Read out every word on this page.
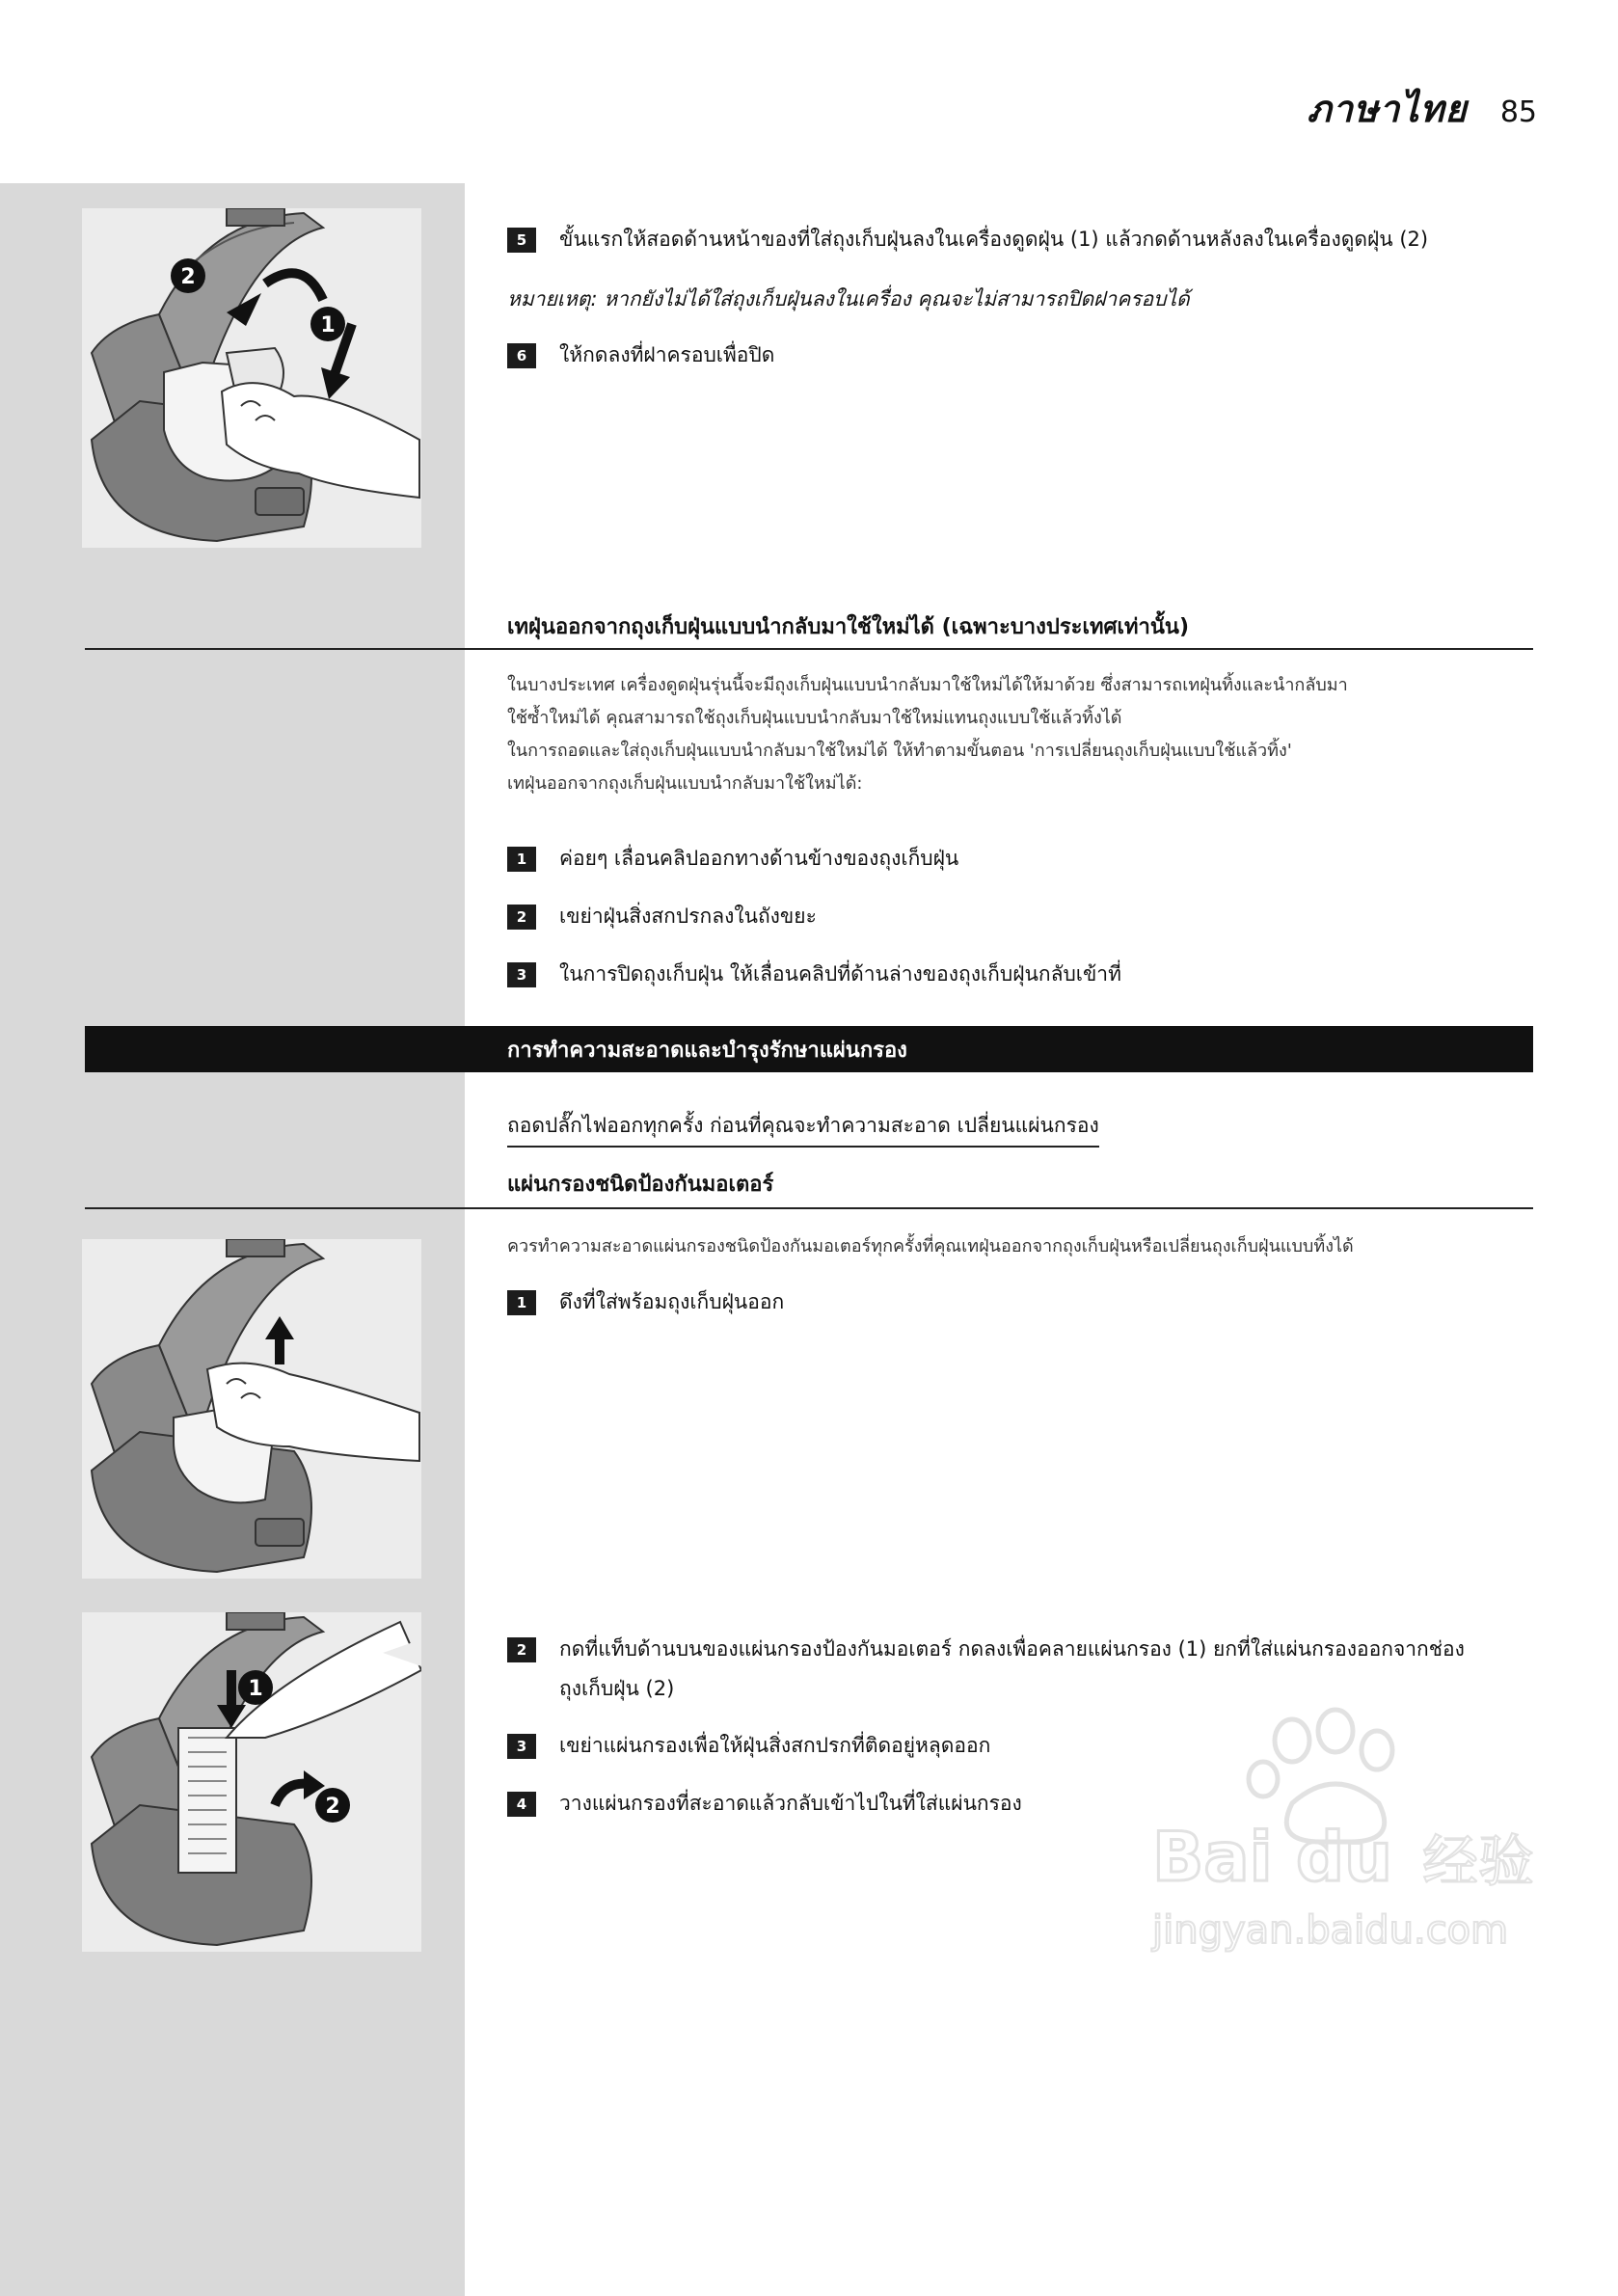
ภาษาไทย 85
2
1
5	ขั้นแรกให้สอดด้านหน้าของที่ใส่ถุงเก็บฝุ่นลงในเครื่องดูดฝุ่น (1) แล้วกดด้านหลังลงในเครื่องดูดฝุ่น (2)
หมายเหตุ: หากยังไม่ได้ใส่ถุงเก็บฝุ่นลงในเครื่อง คุณจะไม่สามารถปิดฝาครอบได้
6	ให้กดลงที่ฝาครอบเพื่อปิด
เทฝุ่นออกจากถุงเก็บฝุ่นแบบนำกลับมาใช้ใหม่ได้ (เฉพาะบางประเทศเท่านั้น)
ในบางประเทศ เครื่องดูดฝุ่นรุ่นนี้จะมีถุงเก็บฝุ่นแบบนำกลับมาใช้ใหม่ได้ให้มาด้วย ซึ่งสามารถเทฝุ่นทิ้งและนำกลับมา
ใช้ซ้ำใหม่ได้ คุณสามารถใช้ถุงเก็บฝุ่นแบบนำกลับมาใช้ใหม่แทนถุงแบบใช้แล้วทิ้งได้
ในการถอดและใส่ถุงเก็บฝุ่นแบบนำกลับมาใช้ใหม่ได้ ให้ทำตามขั้นตอน 'การเปลี่ยนถุงเก็บฝุ่นแบบใช้แล้วทิ้ง'
เทฝุ่นออกจากถุงเก็บฝุ่นแบบนำกลับมาใช้ใหม่ได้:
1	ค่อยๆ เลื่อนคลิปออกทางด้านข้างของถุงเก็บฝุ่น
2	เขย่าฝุ่นสิ่งสกปรกลงในถังขยะ
3	ในการปิดถุงเก็บฝุ่น ให้เลื่อนคลิปที่ด้านล่างของถุงเก็บฝุ่นกลับเข้าที่
การทำความสะอาดและบำรุงรักษาแผ่นกรอง
ถอดปลั๊กไฟออกทุกครั้ง ก่อนที่คุณจะทำความสะอาด เปลี่ยนแผ่นกรอง
แผ่นกรองชนิดป้องกันมอเตอร์
ควรทำความสะอาดแผ่นกรองชนิดป้องกันมอเตอร์ทุกครั้งที่คุณเทฝุ่นออกจากถุงเก็บฝุ่นหรือเปลี่ยนถุงเก็บฝุ่นแบบทิ้งได้
1	ดึงที่ใส่พร้อมถุงเก็บฝุ่นออก
1
2
2	กดที่แท็บด้านบนของแผ่นกรองป้องกันมอเตอร์ กดลงเพื่อคลายแผ่นกรอง (1) ยกที่ใส่แผ่นกรองออกจากช่อง
ถุงเก็บฝุ่น (2)
3	เขย่าแผ่นกรองเพื่อให้ฝุ่นสิ่งสกปรกที่ติดอยู่หลุดออก
4	วางแผ่นกรองที่สะอาดแล้วกลับเข้าไปในที่ใส่แผ่นกรอง
Bai du 经验
jingyan.baidu.com
